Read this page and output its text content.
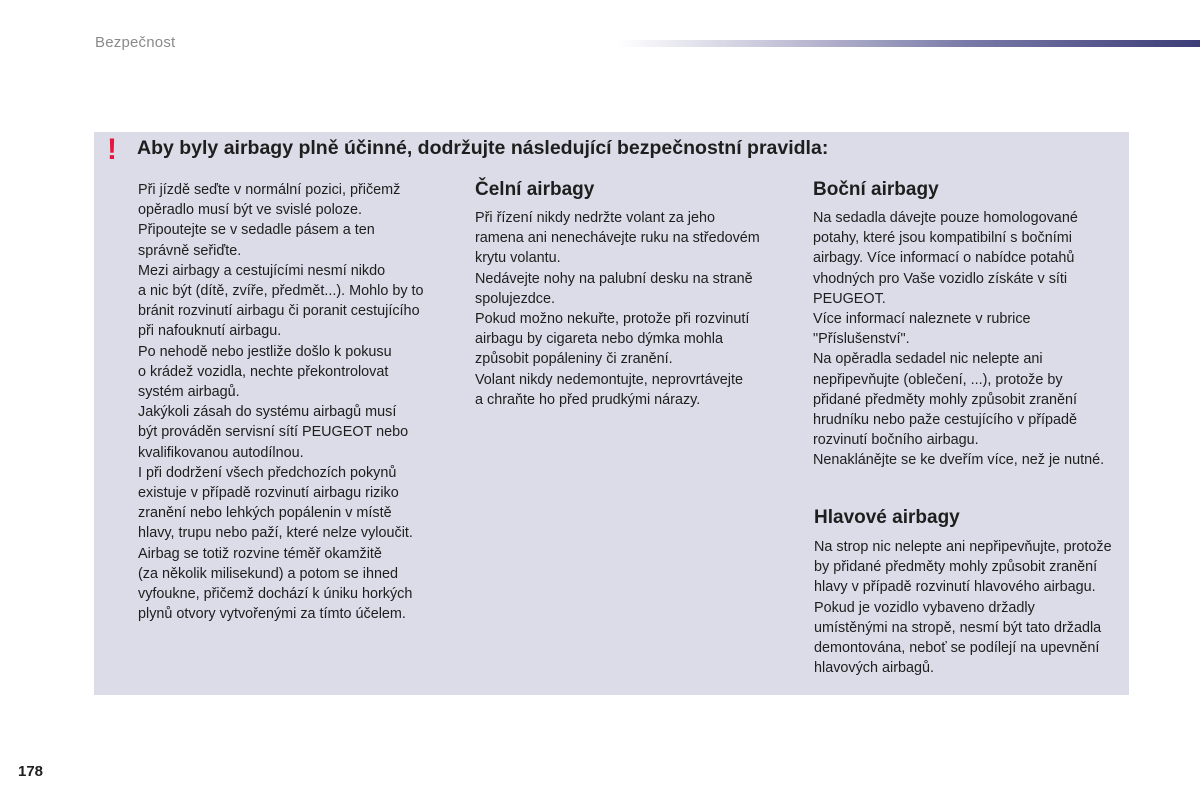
Bezpečnost
! Aby byly airbagy plně účinné, dodržujte následující bezpečnostní pravidla:
Při jízdě seďte v normální pozici, přičemž
opěradlo musí být ve svislé poloze.
Připoutejte se v sedadle pásem a ten
správně seřiďte.
Mezi airbagy a cestujícími nesmí nikdo
a nic být (dítě, zvíře, předmět...). Mohlo by to
bránit rozvinutí airbagu či poranit cestujícího
při nafouknutí airbagu.
Po nehodě nebo jestliže došlo k pokusu
o krádež vozidla, nechte překontrolovat
systém airbagů.
Jakýkoli zásah do systému airbagů musí
být prováděn servisní sítí PEUGEOT nebo
kvalifikovanou autodílnou.
I při dodržení všech předchozích pokynů
existuje v případě rozvinutí airbagu riziko
zranění nebo lehkých popálenin v místě
hlavy, trupu nebo paží, které nelze vyloučit.
Airbag se totiž rozvine téměř okamžitě
(za několik milisekund) a potom se ihned
vyfoukne, přičemž dochází k úniku horkých
plynů otvory vytvořenými za tímto účelem.
Čelní airbagy
Při řízení nikdy nedržte volant za jeho
ramena ani nenechávejte ruku na středovém
krytu volantu.
Nedávejte nohy na palubní desku na straně
spolujezdce.
Pokud možno nekuřte, protože při rozvinutí
airbagu by cigareta nebo dýmka mohla
způsobit popáleniny či zranění.
Volant nikdy nedemontujte, neprovrtávejte
a chraňte ho před prudkými nárazy.
Boční airbagy
Na sedadla dávejte pouze homologované
potahy, které jsou kompatibilní s bočními
airbagy. Více informací o nabídce potahů
vhodných pro Vaše vozidlo získáte v síti
PEUGEOT.
Více informací naleznete v rubrice
"Příslušenství".
Na opěradla sedadel nic nelepte ani
nepřipevňujte (oblečení, ...), protože by
přidané předměty mohly způsobit zranění
hrudníku nebo paže cestujícího v případě
rozvinutí bočního airbagu.
Nenaklánějte se ke dveřím více, než je nutné.
Hlavové airbagy
Na strop nic nelepte ani nepřipevňujte, protože
by přidané předměty mohly způsobit zranění
hlavy v případě rozvinutí hlavového airbagu.
Pokud je vozidlo vybaveno držadly
umístěnými na stropě, nesmí být tato držadla
demontována, neboť se podílejí na upevnění
hlavových airbagů.
178
